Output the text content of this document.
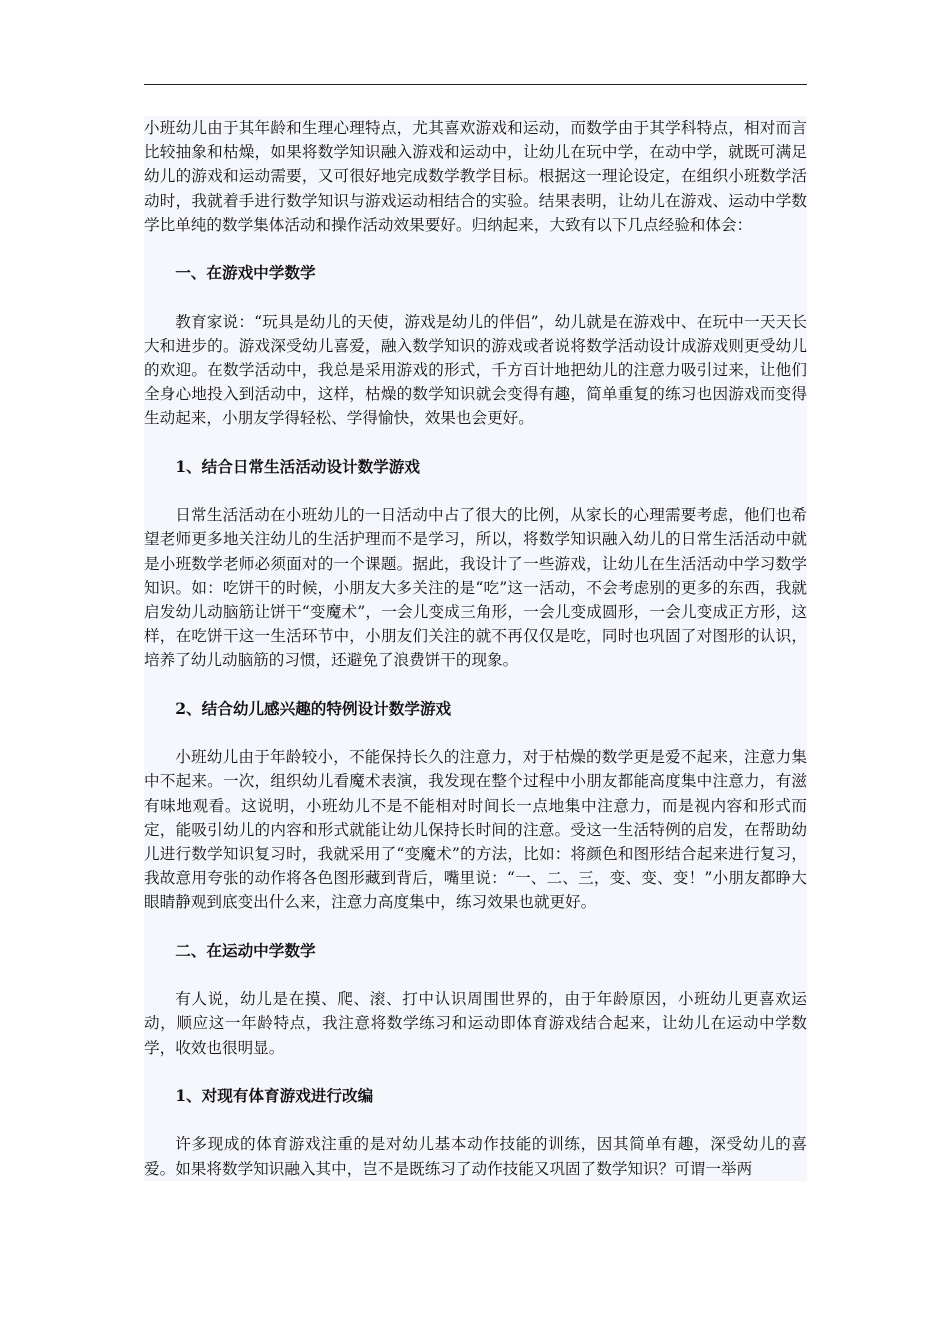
小班幼儿由于其年龄和生理心理特点，尤其喜欢游戏和运动，而数学由于其学科特点，相对而言比较抽象和枯燥，如果将数学知识融入游戏和运动中，让幼儿在玩中学，在动中学，就既可满足幼儿的游戏和运动需要，又可很好地完成数学教学目标。根据这一理论设定，在组织小班数学活动时，我就着手进行数学知识与游戏运动相结合的实验。结果表明，让幼儿在游戏、运动中学数学比单纯的数学集体活动和操作活动效果要好。归纳起来，大致有以下几点经验和体会：

一、在游戏中学数学

教育家说：“玩具是幼儿的天使，游戏是幼儿的伴侣”，幼儿就是在游戏中、在玩中一天天长大和进步的。游戏深受幼儿喜爱，融入数学知识的游戏或者说将数学活动设计成游戏则更受幼儿的欢迎。在数学活动中，我总是采用游戏的形式，千方百计地把幼儿的注意力吸引过来，让他们全身心地投入到活动中，这样，枯燥的数学知识就会变得有趣，简单重复的练习也因游戏而变得生动起来，小朋友学得轻松、学得愉快，效果也会更好。

1、结合日常生活活动设计数学游戏

日常生活活动在小班幼儿的一日活动中占了很大的比例，从家长的心理需要考虑，他们也希望老师更多地关注幼儿的生活护理而不是学习，所以，将数学知识融入幼儿的日常生活活动中就是小班数学老师必须面对的一个课题。据此，我设计了一些游戏，让幼儿在生活活动中学习数学知识。如：吃饼干的时候，小朋友大多关注的是“吃”这一活动，不会考虑别的更多的东西，我就启发幼儿动脑筋让饼干“变魔术”，一会儿变成三角形，一会儿变成圆形，一会儿变成正方形，这样，在吃饼干这一生活环节中，小朋友们关注的就不再仅仅是吃，同时也巩固了对图形的认识，培养了幼儿动脑筋的习惯，还避免了浪费饼干的现象。

2、结合幼儿感兴趣的特例设计数学游戏

小班幼儿由于年龄较小，不能保持长久的注意力，对于枯燥的数学更是爱不起来，注意力集中不起来。一次，组织幼儿看魔术表演，我发现在整个过程中小朋友都能高度集中注意力，有滋有味地观看。这说明，小班幼儿不是不能相对时间长一点地集中注意力，而是视内容和形式而定，能吸引幼儿的内容和形式就能让幼儿保持长时间的注意。受这一生活特例的启发，在帮助幼儿进行数学知识复习时，我就采用了“变魔术”的方法，比如：将颜色和图形结合起来进行复习，我故意用夸张的动作将各色图形藏到背后，嘴里说：“一、二、三，变、变、变！”小朋友都睁大眼睛静观到底变出什么来，注意力高度集中，练习效果也就更好。

二、在运动中学数学

有人说，幼儿是在摸、爬、滚、打中认识周围世界的，由于年龄原因，小班幼儿更喜欢运动，顺应这一年龄特点，我注意将数学练习和运动即体育游戏结合起来，让幼儿在运动中学数学，收效也很明显。

1、对现有体育游戏进行改编

许多现成的体育游戏注重的是对幼儿基本动作技能的训练，因其简单有趣，深受幼儿的喜爱。如果将数学知识融入其中，岂不是既练习了动作技能又巩固了数学知识？可谓一举两
